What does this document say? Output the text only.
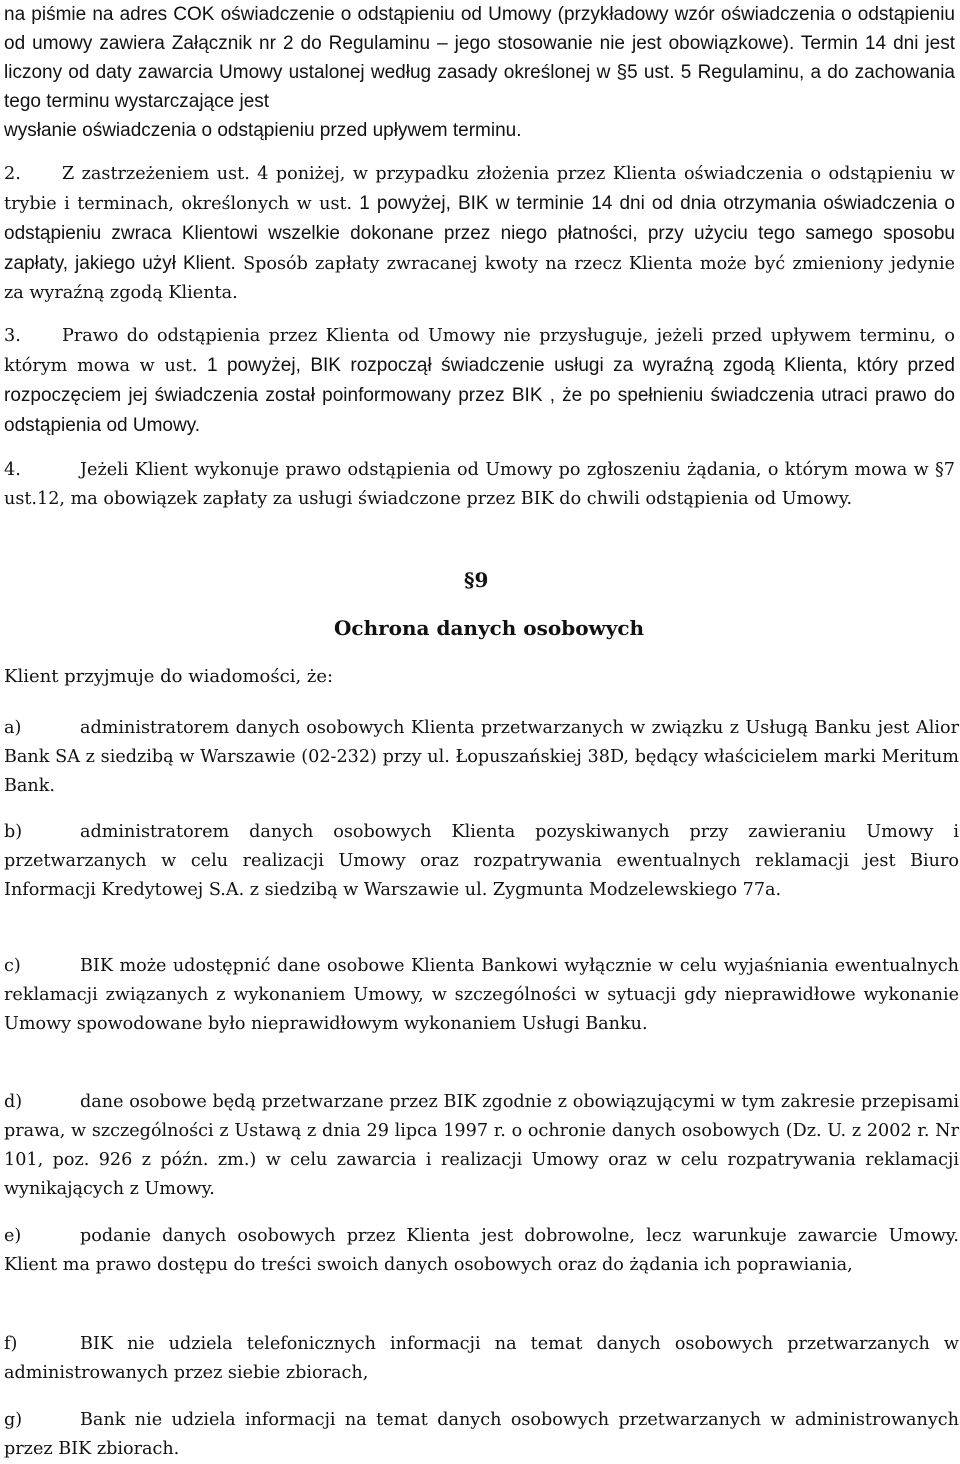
na piśmie na adres COK oświadczenie o odstąpieniu od Umowy (przykładowy wzór oświadczenia o odstąpieniu od umowy zawiera Załącznik nr 2 do Regulaminu – jego stosowanie nie jest obowiązkowe). Termin 14 dni jest liczony od daty zawarcia Umowy ustalonej według zasady określonej w §5 ust. 5 Regulaminu, a do zachowania tego terminu wystarczające jest
wysłanie oświadczenia o odstąpieniu przed upływem terminu.

2. Z zastrzeżeniem ust. 4 poniżej, w przypadku złożenia przez Klienta oświadczenia o odstąpieniu w trybie i terminach, określonych w ust. 1 powyżej, BIK w terminie 14 dni od dnia otrzymania oświadczenia o odstąpieniu zwraca Klientowi wszelkie dokonane przez niego płatności, przy użyciu tego samego sposobu zapłaty, jakiego użył Klient. Sposób zapłaty zwracanej kwoty na rzecz Klienta może być zmieniony jedynie za wyraźną zgodą Klienta.

3. Prawo do odstąpienia przez Klienta od Umowy nie przysługuje, jeżeli przed upływem terminu, o którym mowa w ust. 1 powyżej, BIK rozpoczął świadczenie usługi za wyraźną zgodą Klienta, który przed rozpoczęciem jej świadczenia został poinformowany przez BIK , że po spełnieniu świadczenia utraci prawo do odstąpienia od Umowy.

4.	Jeżeli Klient wykonuje prawo odstąpienia od Umowy po zgłoszeniu żądania, o którym mowa w §7 ust.12, ma obowiązek zapłaty za usługi świadczone przez BIK do chwili odstąpienia od Umowy.

§9
Ochrona danych osobowych

Klient przyjmuje do wiadomości, że:

a)	administratorem danych osobowych Klienta przetwarzanych w związku z Usługą Banku jest Alior Bank SA z siedzibą w Warszawie (02-232) przy ul. Łopuszańskiej 38D, będący właścicielem marki Meritum Bank.

b)	administratorem danych osobowych Klienta pozyskiwanych przy zawieraniu Umowy i przetwarzanych w celu realizacji Umowy oraz rozpatrywania ewentualnych reklamacji jest Biuro Informacji Kredytowej S.A. z siedzibą w Warszawie ul. Zygmunta Modzelewskiego 77a.

c)	BIK może udostępnić dane osobowe Klienta Bankowi wyłącznie w celu wyjaśniania ewentualnych reklamacji związanych z wykonaniem Umowy, w szczególności w sytuacji gdy nieprawidłowe wykonanie Umowy spowodowane było nieprawidłowym wykonaniem Usługi Banku.

d)	dane osobowe będą przetwarzane przez BIK zgodnie z obowiązującymi w tym zakresie przepisami prawa, w szczególności z Ustawą z dnia 29 lipca 1997 r. o ochronie danych osobowych (Dz. U. z 2002 r. Nr 101, poz. 926 z późn. zm.) w celu zawarcia i realizacji Umowy oraz w celu rozpatrywania reklamacji wynikających z Umowy.

e)	podanie danych osobowych przez Klienta jest dobrowolne, lecz warunkuje zawarcie Umowy. Klient ma prawo dostępu do treści swoich danych osobowych oraz do żądania ich poprawiania,

f)	BIK nie udziela telefonicznych informacji na temat danych osobowych przetwarzanych w administrowanych przez siebie zbiorach,

g)	Bank nie udziela informacji na temat danych osobowych przetwarzanych w administrowanych przez BIK zbiorach.
